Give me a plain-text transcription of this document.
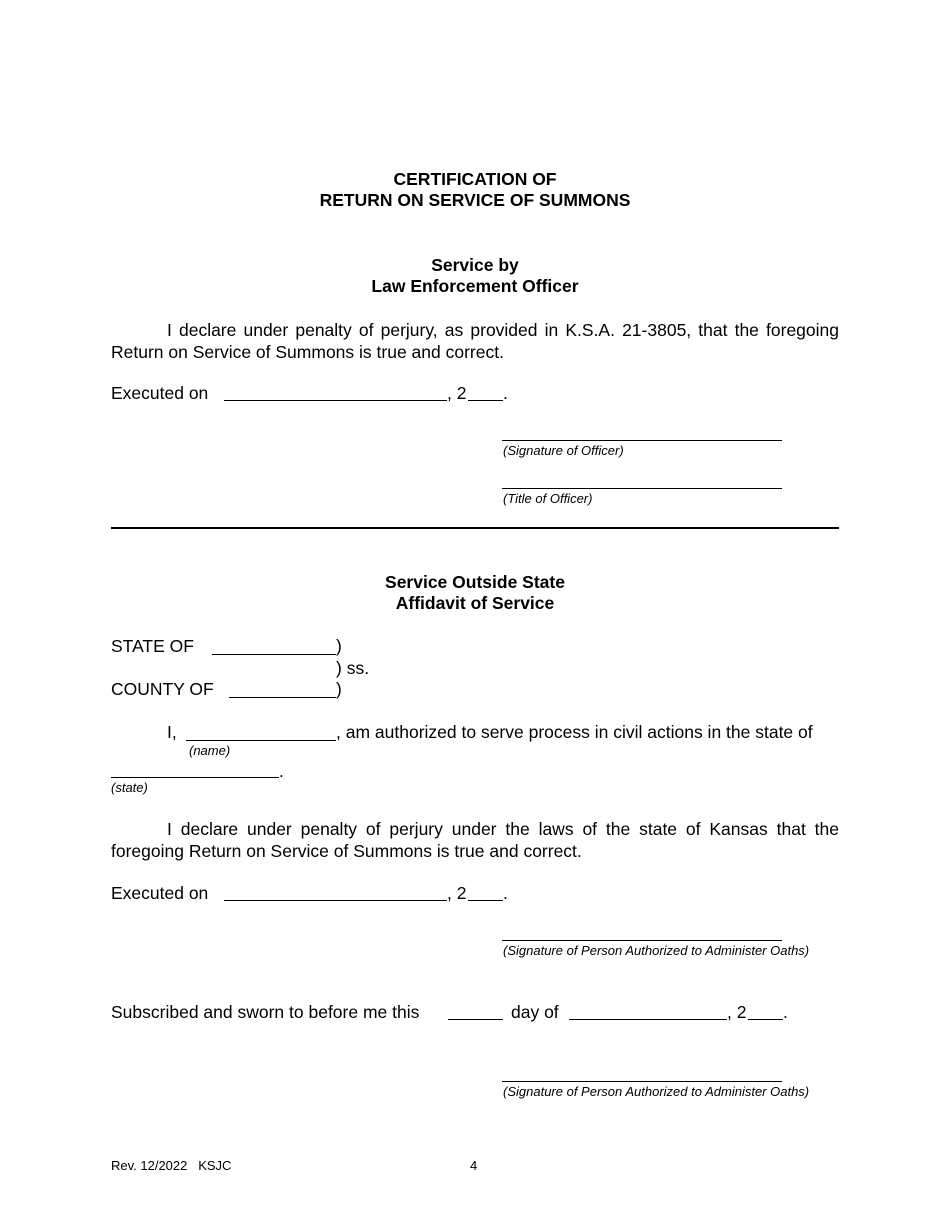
CERTIFICATION OF
RETURN ON SERVICE OF SUMMONS
Service by
Law Enforcement Officer
I declare under penalty of perjury, as provided in K.S.A. 21-3805, that the foregoing Return on Service of Summons is true and correct.
Executed on	, 2 .
(Signature of Officer)
(Title of Officer)
Service Outside State
Affidavit of Service
STATE OF	)
) ss.
COUNTY OF	)
I,	, am authorized to serve process in civil actions in the state of
(name)
.
(state)
I declare under penalty of perjury under the laws of the state of Kansas that the foregoing Return on Service of Summons is true and correct.
Executed on	, 2 .
(Signature of Person Authorized to Administer Oaths)
Subscribed and sworn to before me this	day of	, 2 .
(Signature of Person Authorized to Administer Oaths)
Rev. 12/2022   KSJC	4
